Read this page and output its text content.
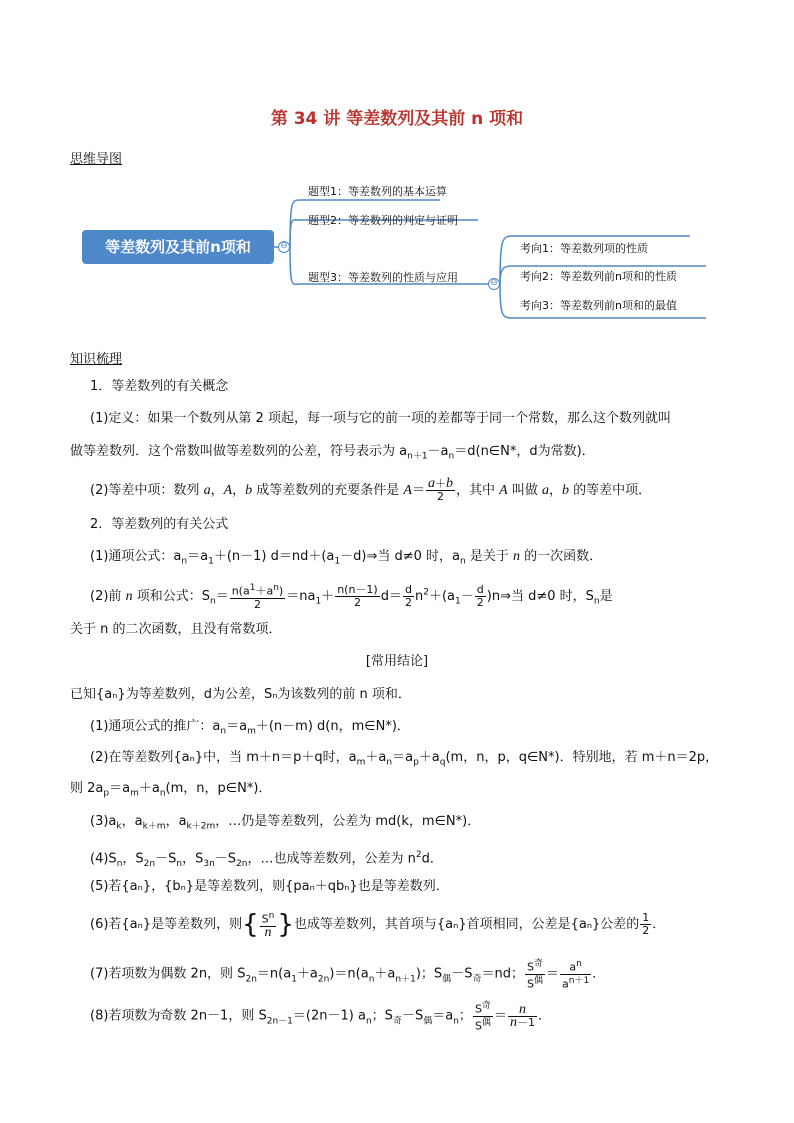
第 34 讲 等差数列及其前 n 项和
思维导图
等差数列及其前n项和	⊖
⊖
题型1：等差数列的基本运算
题型2：等差数列的判定与证明
题型3：等差数列的性质与应用
考向1：等差数列项的性质
考向2：等差数列前n项和的性质
考向3：等差数列前n项和的最值
知识梳理
1．等差数列的有关概念
(1)定义：如果一个数列从第 2 项起，每一项与它的前一项的差都等于同一个常数，那么这个数列就叫
做等差数列．这个常数叫做等差数列的公差，符号表示为 $a_{n+1}-a_n=d(n\in N*$，d为常数)．
(2)等差中项：数列 a，A，b 成等差数列的充要条件是 $A= \frac{a+b}{2}$ ，其中 A 叫做 a，b 的等差中项．
2．等差数列的有关公式
(1)通项公式：$a_n=a_1+(n-1)$ $d=nd+(a_1-d)\Rightarrow$当 d≠0 时，$a_n$ 是关于 n 的一次函数．
(2)前 n 项和公式：$S_n= \frac{n(a^1+a^n)}{2} =na_1+ \frac{n(n-1)}{2} d= \frac{d}{2} n^2+(a_1- \frac{d}{2}$ )n⇒当 d≠0 时，$S_n$是
关于 n 的二次函数，且没有常数项．
[常用结论]
已知{aₙ}为等差数列，d为公差，Sₙ为该数列的前 n 项和．
(1)通项公式的推广：$a_n=a_m+(n-m)$ d(n，m∈N*)．
(2)在等差数列{aₙ}中，当 m＋n＝p＋q时，$a_m+a_n=a_p+a_q(m$，n，p，q∈N*)．特别地，若 m＋n＝2p，
则 $2a_p=a_m+a_n(m$，n，p∈N*)．
$(3)a_k$，$a_{k+m}$，$a_{k+2m}$，…仍是等差数列，公差为 md(k，m∈N*)．
$(4)S_n$，$S_{2n}-S_n$，$S_{3n}-S_{2n}$，…也成等差数列，公差为 $n^2d$．
(5)若{aₙ}，{bₙ}是等差数列，则{paₙ＋qbₙ}也是等差数列．
(6)若{aₙ}是等差数列，则{ $\frac{S^n}{n}$ }也成等差数列，其首项与{aₙ}首项相同，公差是{aₙ}公差的 $\frac{1}{2}$ ．
(7)若项数为偶数 2n，则 $S_{2n}=n(a_1+a_{2n})=n(a_n+a_{n+1})$；$S_偶-S_奇=nd$； $\frac{S^奇}{S^偶} = \frac{a^n}{a^{n+1}}$ ．
(8)若项数为奇数 2n－1，则 $S_{2n-1}=(2n-1)$ $a_n$；$S_奇-S_偶=a_n$； $\frac{S^奇}{S^偶} = \frac{n}{n-1}$ ．
